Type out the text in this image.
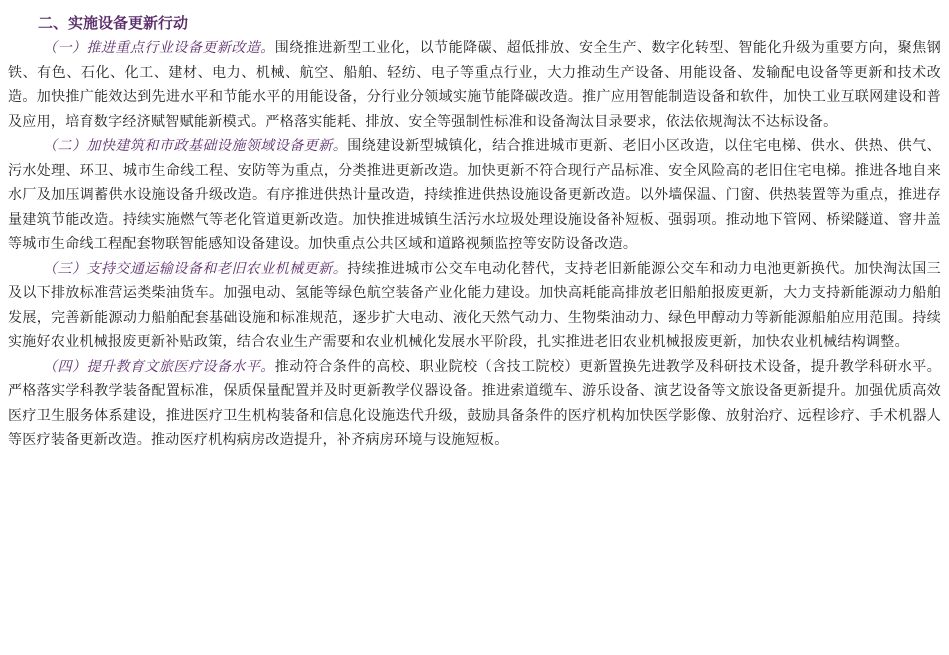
二、实施设备更新行动

（一）推进重点行业设备更新改造。围绕推进新型工业化，以节能降碳、超低排放、安全生产、数字化转型、智能化升级为重要方向，聚焦钢铁、有色、石化、化工、建材、电力、机械、航空、船舶、轻纺、电子等重点行业，大力推动生产设备、用能设备、发输配电设备等更新和技术改造。加快推广能效达到先进水平和节能水平的用能设备，分行业分领域实施节能降碳改造。推广应用智能制造设备和软件，加快工业互联网建设和普及应用，培育数字经济赋智赋能新模式。严格落实能耗、排放、安全等强制性标准和设备淘汰目录要求，依法依规淘汰不达标设备。

（二）加快建筑和市政基础设施领域设备更新。围绕建设新型城镇化，结合推进城市更新、老旧小区改造，以住宅电梯、供水、供热、供气、污水处理、环卫、城市生命线工程、安防等为重点，分类推进更新改造。加快更新不符合现行产品标准、安全风险高的老旧住宅电梯。推进各地自来水厂及加压调蓄供水设施设备升级改造。有序推进供热计量改造，持续推进供热设施设备更新改造。以外墙保温、门窗、供热装置等为重点，推进存量建筑节能改造。持续实施燃气等老化管道更新改造。加快推进城镇生活污水垃圾处理设施设备补短板、强弱项。推动地下管网、桥梁隧道、窨井盖等城市生命线工程配套物联智能感知设备建设。加快重点公共区域和道路视频监控等安防设备改造。

（三）支持交通运输设备和老旧农业机械更新。持续推进城市公交车电动化替代，支持老旧新能源公交车和动力电池更新换代。加快淘汰国三及以下排放标准营运类柴油货车。加强电动、氢能等绿色航空装备产业化能力建设。加快高耗能高排放老旧船舶报废更新，大力支持新能源动力船舶发展，完善新能源动力船舶配套基础设施和标准规范，逐步扩大电动、液化天然气动力、生物柴油动力、绿色甲醇动力等新能源船舶应用范围。持续实施好农业机械报废更新补贴政策，结合农业生产需要和农业机械化发展水平阶段，扎实推进老旧农业机械报废更新，加快农业机械结构调整。

（四）提升教育文旅医疗设备水平。推动符合条件的高校、职业院校（含技工院校）更新置换先进教学及科研技术设备，提升教学科研水平。严格落实学科教学装备配置标准，保质保量配置并及时更新教学仪器设备。推进索道缆车、游乐设备、演艺设备等文旅设备更新提升。加强优质高效医疗卫生服务体系建设，推进医疗卫生机构装备和信息化设施迭代升级，鼓励具备条件的医疗机构加快医学影像、放射治疗、远程诊疗、手术机器人等医疗装备更新改造。推动医疗机构病房改造提升，补齐病房环境与设施短板。
